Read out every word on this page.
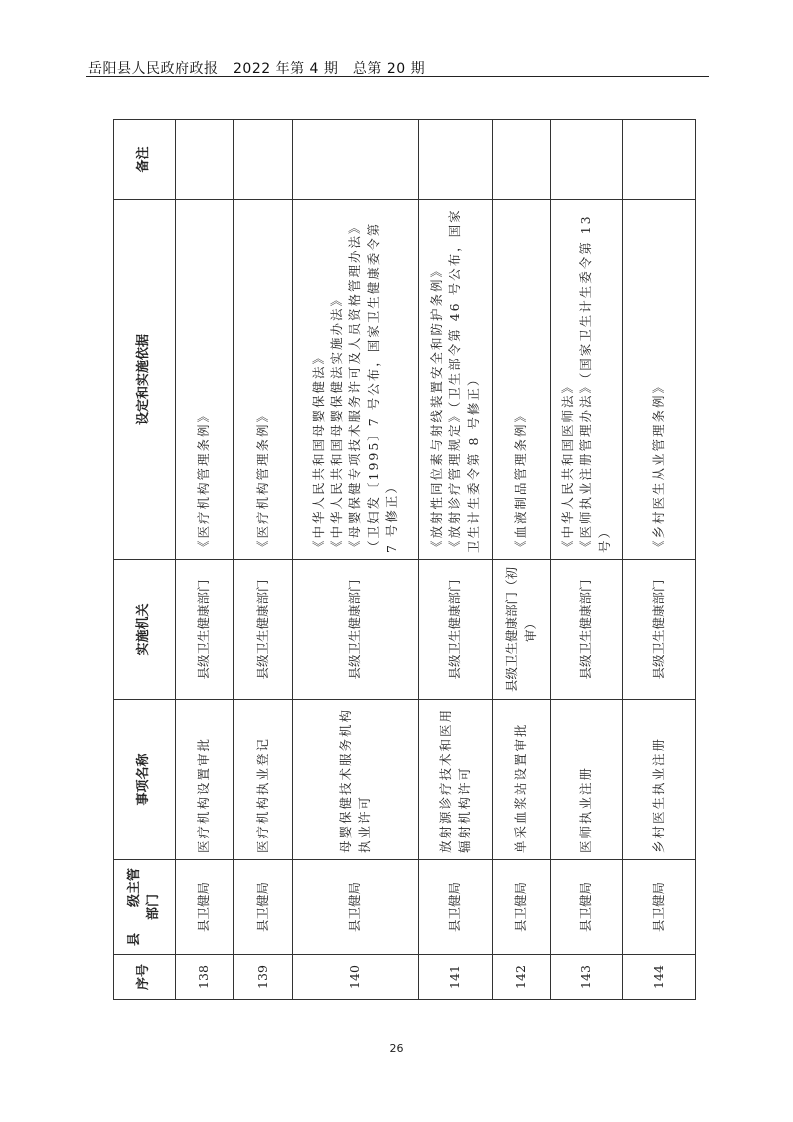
岳阳县人民政府政报　2022 年第 4 期　总第 20 期
序号	县　　级主管部门	事项名称	实施机关	设定和实施依据	备注
138	县卫健局	医疗机构设置审批	县级卫生健康部门	《医疗机构管理条例》	

139	县卫健局	医疗机构执业登记	县级卫生健康部门	《医疗机构管理条例》	

140	县卫健局	母婴保健技术服务机构执业许可	县级卫生健康部门	《中华人民共和国母婴保健法》 《中华人民共和国母婴保健法实施办法》 《母婴保健专项技术服务许可及人员资格管理办法》（卫妇发〔1995〕7 号公布，国家卫生健康委令第 7 号修正）	

141	县卫健局	放射源诊疗技术和医用辐射机构许可	县级卫生健康部门	《放射性同位素与射线装置安全和防护条例》 《放射诊疗管理规定》（卫生部令第 46 号公布，国家卫生计生委令第 8 号修正）	

142	县卫健局	单采血浆站设置审批	县级卫生健康部门（初审）	《血液制品管理条例》	

143	县卫健局	医师执业注册	县级卫生健康部门	《中华人民共和国医师法》 《医师执业注册管理办法》（国家卫生计生委令第 13 号）	

144	县卫健局	乡村医生执业注册	县级卫生健康部门	《乡村医生从业管理条例》	

26
